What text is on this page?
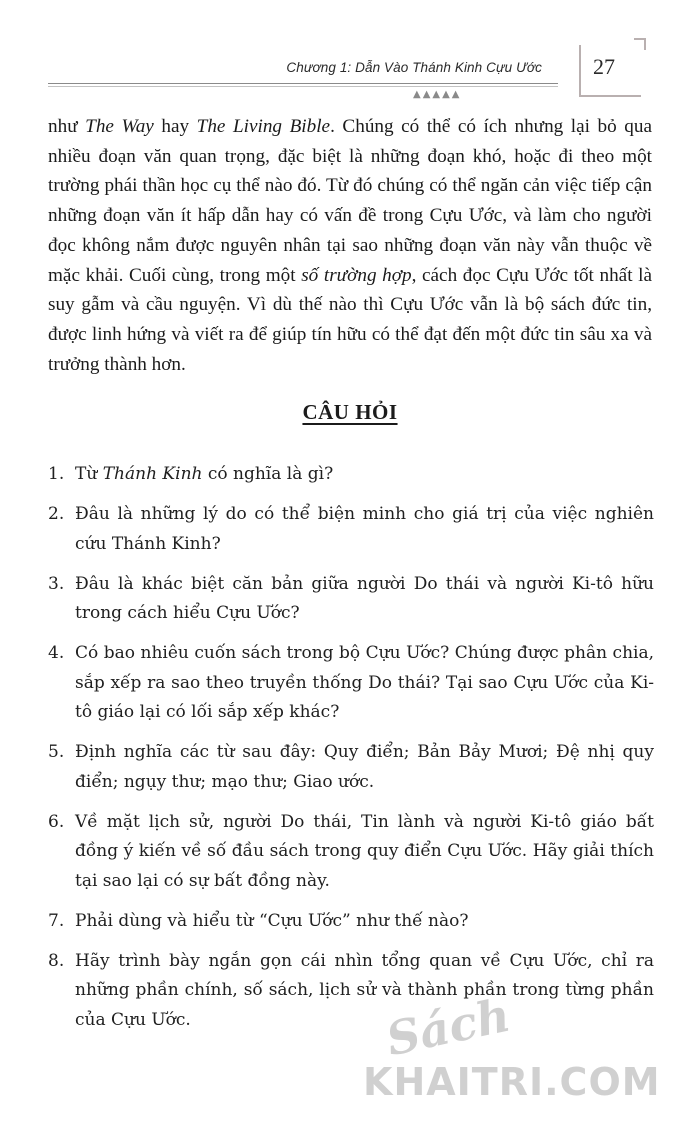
Chương 1: Dẫn Vào Thánh Kinh Cựu Ước
▲▲▲▲▲
27

như The Way hay The Living Bible. Chúng có thể có ích nhưng lại bỏ qua nhiều đoạn văn quan trọng, đặc biệt là những đoạn khó, hoặc đi theo một trường phái thần học cụ thể nào đó. Từ đó chúng có thể ngăn cản việc tiếp cận những đoạn văn ít hấp dẫn hay có vấn đề trong Cựu Ước, và làm cho người đọc không nắm được nguyên nhân tại sao những đoạn văn này vẫn thuộc về mặc khải. Cuối cùng, trong một số trường hợp, cách đọc Cựu Ước tốt nhất là suy gẫm và cầu nguyện. Vì dù thế nào thì Cựu Ước vẫn là bộ sách đức tin, được linh hứng và viết ra để giúp tín hữu có thể đạt đến một đức tin sâu xa và trưởng thành hơn.

CÂU HỎI
1. Từ Thánh Kinh có nghĩa là gì?
2. Đâu là những lý do có thể biện minh cho giá trị của việc nghiên cứu Thánh Kinh?
3. Đâu là khác biệt căn bản giữa người Do thái và người Ki-tô hữu trong cách hiểu Cựu Ước?
4. Có bao nhiêu cuốn sách trong bộ Cựu Ước? Chúng được phân chia, sắp xếp ra sao theo truyền thống Do thái? Tại sao Cựu Ước của Ki-tô giáo lại có lối sắp xếp khác?
5. Định nghĩa các từ sau đây: Quy điển; Bản Bảy Mươi; Đệ nhị quy điển; ngụy thư; mạo thư; Giao ước.
6. Về mặt lịch sử, người Do thái, Tin lành và người Ki-tô giáo bất đồng ý kiến về số đầu sách trong quy điển Cựu Ước. Hãy giải thích tại sao lại có sự bất đồng này.
7. Phải dùng và hiểu từ “Cựu Ước” như thế nào?
8. Hãy trình bày ngắn gọn cái nhìn tổng quan về Cựu Ước, chỉ ra những phần chính, số sách, lịch sử và thành phần trong từng phần của Cựu Ước.	Sách
KHAITRI.COM
